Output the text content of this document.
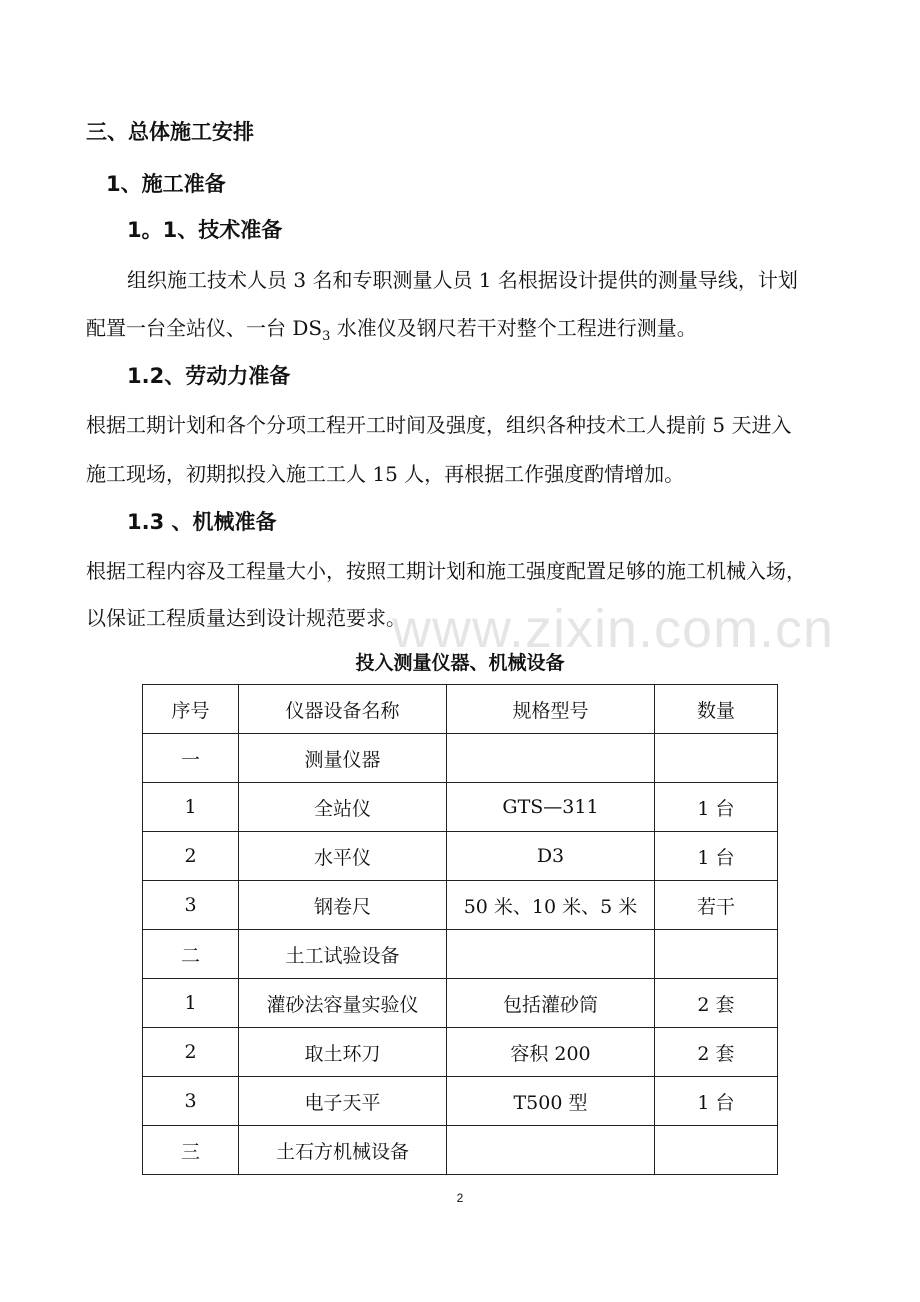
三、总体施工安排
1、施工准备
1。1、技术准备
组织施工技术人员 3 名和专职测量人员 1 名根据设计提供的测量导线，计划
配置一台全站仪、一台 $DS_3$ 水准仪及钢尺若干对整个工程进行测量。
1.2、劳动力准备
根据工期计划和各个分项工程开工时间及强度，组织各种技术工人提前 5 天进入
施工现场，初期拟投入施工工人 15 人，再根据工作强度酌情增加。
1.3 、机械准备
根据工程内容及工程量大小，按照工期计划和施工强度配置足够的施工机械入场，
以保证工程质量达到设计规范要求。
www.zixin.com.cn
投入测量仪器、机械设备
序号	仪器设备名称	规格型号	数量
一	测量仪器		
1	全站仪	GTS—311	1 台
2	水平仪	D3	1 台
3	钢卷尺	50 米、10 米、5 米	若干
二	土工试验设备		
1	灌砂法容量实验仪	包括灌砂筒	2 套
2	取土环刀	容积 200	2 套
3	电子天平	T500 型	1 台
三	土石方机械设备		
2
